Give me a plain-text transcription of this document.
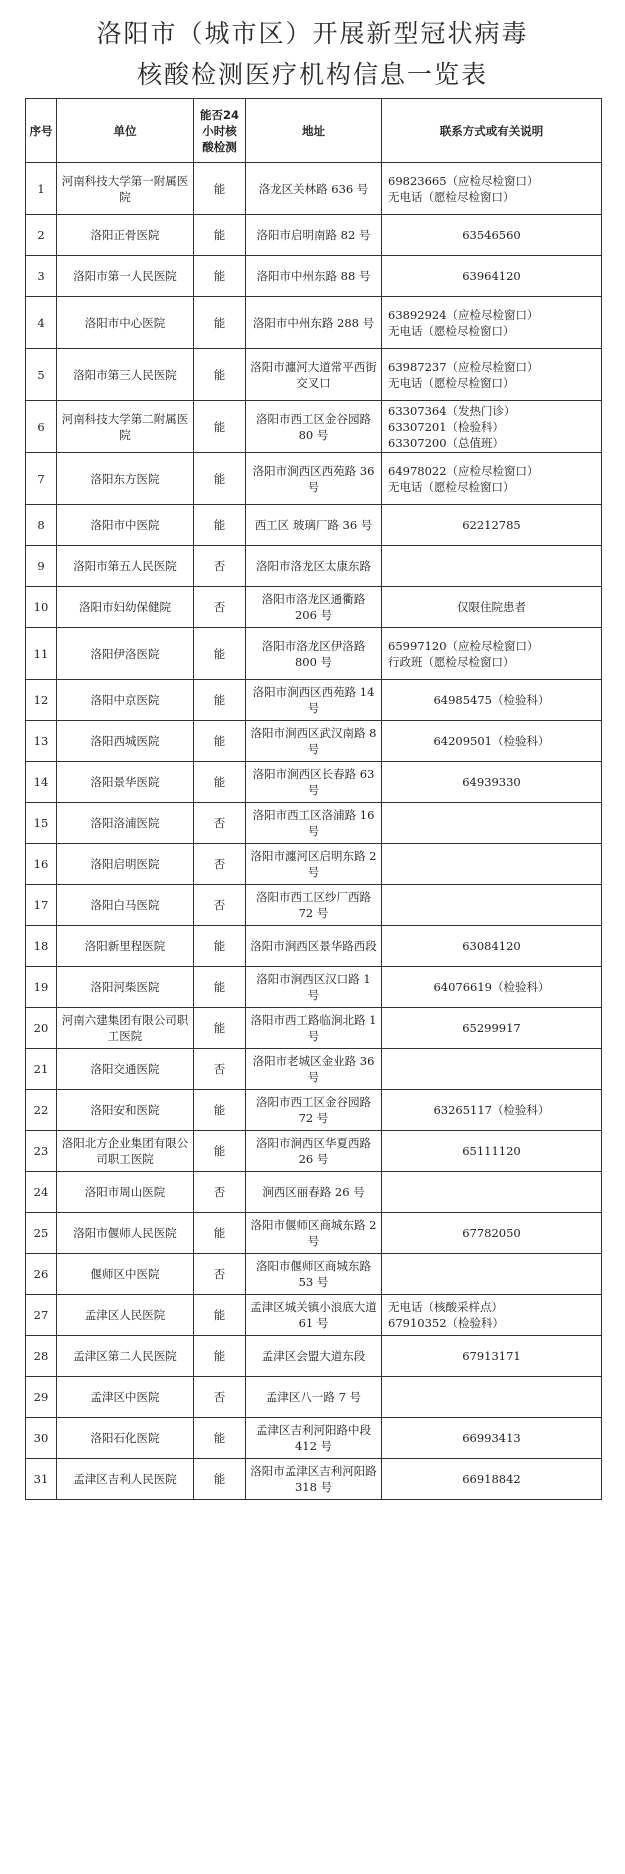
洛阳市（城市区）开展新型冠状病毒
核酸检测医疗机构信息一览表
序号	单位	能否24小时核酸检测	地址	联系方式或有关说明
1	河南科技大学第一附属医院	能	洛龙区关林路 636 号	69823665（应检尽检窗口）
无电话（愿检尽检窗口）

2	洛阳正骨医院	能	洛阳市启明南路 82 号	63546560

3	洛阳市第一人民医院	能	洛阳市中州东路 88 号	63964120

4	洛阳市中心医院	能	洛阳市中州东路 288 号	63892924（应检尽检窗口）
无电话（愿检尽检窗口）

5	洛阳市第三人民医院	能	洛阳市瀍河大道常平西街交叉口	63987237（应检尽检窗口）
无电话（愿检尽检窗口）

6	河南科技大学第二附属医院	能	洛阳市西工区金谷园路 80 号	63307364（发热门诊）
63307201（检验科）
63307200（总值班）

7	洛阳东方医院	能	洛阳市涧西区西苑路 36 号	64978022（应检尽检窗口）
无电话（愿检尽检窗口）

8	洛阳市中医院	能	西工区 玻璃厂路 36 号	62212785

9	洛阳市第五人民医院	否	洛阳市洛龙区太康东路	
10	洛阳市妇幼保健院	否	洛阳市洛龙区通衢路 206 号	仅限住院患者

11	洛阳伊洛医院	能	洛阳市洛龙区伊洛路 800 号	65997120（应检尽检窗口）
行政班（愿检尽检窗口）

12	洛阳中京医院	能	洛阳市涧西区西苑路 14 号	64985475（检验科）

13	洛阳西城医院	能	洛阳市涧西区武汉南路 8 号	64209501（检验科）

14	洛阳景华医院	能	洛阳市涧西区长春路 63 号	64939330

15	洛阳洛浦医院	否	洛阳市西工区洛浦路 16 号	
16	洛阳启明医院	否	洛阳市瀍河区启明东路 2 号	
17	洛阳白马医院	否	洛阳市西工区纱厂西路 72 号	
18	洛阳新里程医院	能	洛阳市涧西区景华路西段	63084120

19	洛阳河柴医院	能	洛阳市涧西区汉口路 1 号	64076619（检验科）

20	河南六建集团有限公司职工医院	能	洛阳市西工路临涧北路 1 号	65299917

21	洛阳交通医院	否	洛阳市老城区金业路 36 号	
22	洛阳安和医院	能	洛阳市西工区金谷园路 72 号	63265117（检验科）

23	洛阳北方企业集团有限公司职工医院	能	洛阳市涧西区华夏西路 26 号	65111120

24	洛阳市周山医院	否	涧西区丽春路 26 号	
25	洛阳市偃师人民医院	能	洛阳市偃师区商城东路 2 号	67782050

26	偃师区中医院	否	洛阳市偃师区商城东路 53 号	
27	孟津区人民医院	能	孟津区城关镇小浪底大道 61 号	无电话（核酸采样点）
67910352（检验科）

28	孟津区第二人民医院	能	孟津区会盟大道东段	67913171

29	孟津区中医院	否	孟津区八一路 7 号	
30	洛阳石化医院	能	孟津区吉利河阳路中段 412 号	66993413

31	孟津区吉利人民医院	能	洛阳市孟津区吉利河阳路 318 号	66918842
